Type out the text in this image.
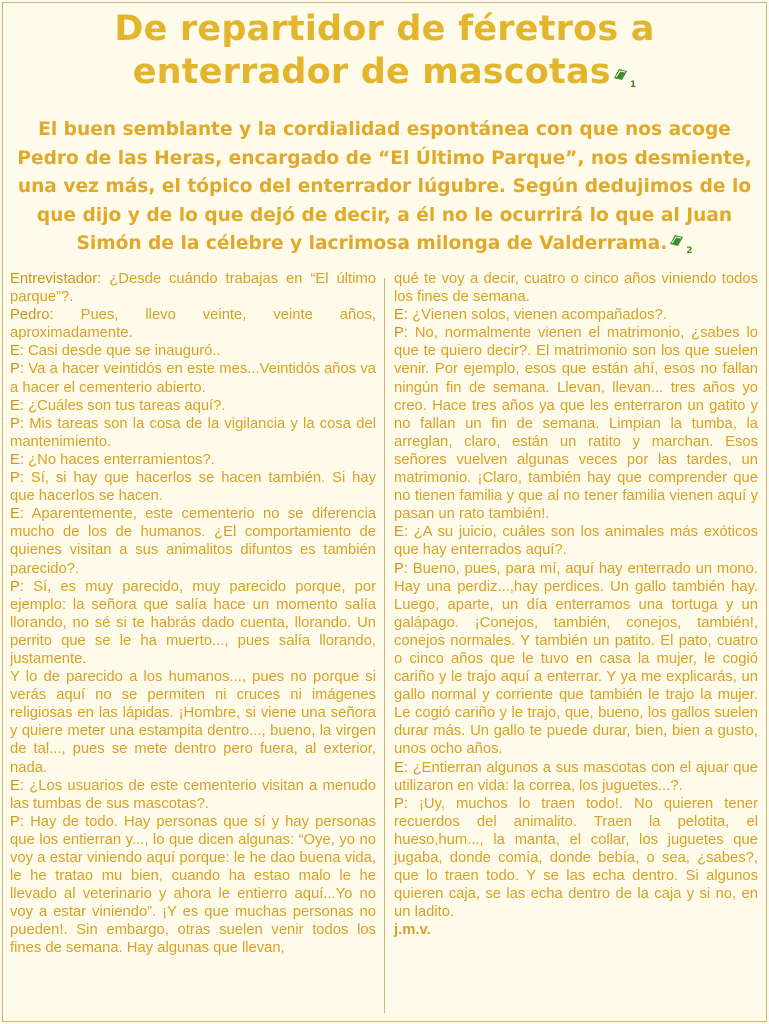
De repartidor de féretros a enterrador de mascotas 1
El buen semblante y la cordialidad espontánea con que nos acoge Pedro de las Heras, encargado de “El Último Parque”, nos desmiente, una vez más, el tópico del enterrador lúgubre. Según dedujimos de lo que dijo y de lo que dejó de decir, a él no le ocurrirá lo que al Juan Simón de la célebre y lacrimosa milonga de Valderrama. $_2$

Entrevistador: ¿Desde cuándo trabajas en “El último parque”?.

Pedro: Pues, llevo veinte, veinte años, aproximadamente.

E: Casi desde que se inauguró..

P: Va a hacer veintidós en este mes...Veintidós años va a hacer el cementerio abierto.

E: ¿Cuáles son tus tareas aquí?.

P: Mis tareas son la cosa de la vigilancia y la cosa del mantenimiento.

E: ¿No haces enterramientos?.

P: Sí, si hay que hacerlos se hacen también. Si hay que hacerlos se hacen.

E: Aparentemente, este cementerio no se diferencia mucho de los de humanos. ¿El comportamiento de quienes visitan a sus animalitos difuntos es también parecido?.

P: Sí, es muy parecido, muy parecido porque, por ejemplo: la señora que salía hace un momento salía llorando, no sé si te habrás dado cuenta, llorando. Un perrito que se le ha muerto..., pues salía llorando, justamente.

Y lo de parecido a los humanos..., pues no porque si verás aquí no se permiten ni cruces ni imágenes religiosas en las lápidas. ¡Hombre, si viene una señora y quiere meter una estampita dentro..., bueno, la virgen de tal..., pues se mete dentro pero fuera, al exterior, nada.

E: ¿Los usuarios de este cementerio visitan a menudo las tumbas de sus mascotas?.

P: Hay de todo. Hay personas que sí y hay personas que los entierran y..., lo que dicen algunas: “Oye, yo no voy a estar viniendo aquí porque: le he dao buena vida, le he tratao mu bien, cuando ha estao malo le he llevado al veterinario y ahora le entierro aquí...Yo no voy a estar viniendo”. ¡Y es que muchas personas no pueden!. Sin embargo, otras suelen venir todos los fines de semana. Hay algunas que llevan,

qué te voy a decir, cuatro o cinco años viniendo todos los fines de semana.

E: ¿Vienen solos, vienen acompañados?.

P: No, normalmente vienen el matrimonio, ¿sabes lo que te quiero decir?. El matrimonio son los que suelen venir. Por ejemplo, esos que están ahí, esos no fallan ningún fin de semana. Llevan, llevan... tres años yo creo. Hace tres años ya que les enterraron un gatito y no fallan un fin de semana. Limpian la tumba, la arreglan, claro, están un ratito y marchan. Esos señores vuelven algunas veces por las tardes, un matrimonio. ¡Claro, también hay que comprender que no tienen familia y que al no tener familia vienen aquí y pasan un rato también!.

E: ¿A su juicio, cuáles son los animales más exóticos que hay enterrados aquí?.

P: Bueno, pues, para mí, aquí hay enterrado un mono. Hay una perdiz...,hay perdices. Un gallo también hay. Luego, aparte, un día enterramos una tortuga y un galápago. ¡Conejos, también, conejos, también!, conejos normales. Y también un patito. El pato, cuatro o cinco años que le tuvo en casa la mujer, le cogió cariño y le trajo aquí a enterrar. Y ya me explicarás, un gallo normal y corriente que también le trajo la mujer. Le cogió cariño y le trajo, que, bueno, los gallos suelen durar más. Un gallo te puede durar, bien, bien a gusto, unos ocho años.

E: ¿Entierran algunos a sus mascotas con el ajuar que utilizaron en vida: la correa, los juguetes...?.

P: ¡Uy, muchos lo traen todo!. No quieren tener recuerdos del animalito. Traen la pelotita, el hueso,hum..., la manta, el collar, los juguetes que jugaba, donde comía, donde bebía, o sea, ¿sabes?, que lo traen todo. Y se las echa dentro. Si algunos quieren caja, se las echa dentro de la caja y si no, en un ladito.

j.m.v.
